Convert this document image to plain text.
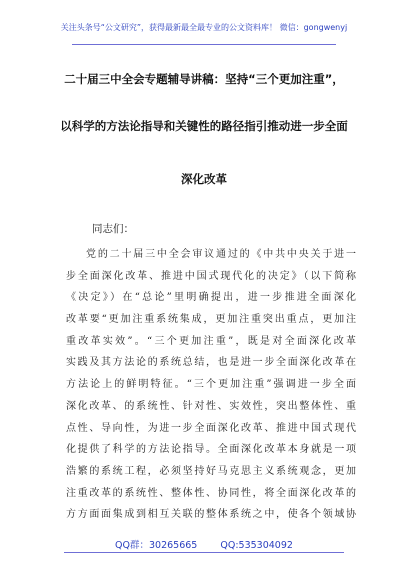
关注头条号“公文研究”，获得最新最全最专业的公文资料库！ 微信：gongwenyj
二十届三中全会专题辅导讲稿：坚持“三个更加注重”，
以科学的方法论指导和关键性的路径指引推动进一步全面
深化改革
同志们：
党的二十届三中全会审议通过的《中共中央关于进一
步全面深化改革、推进中国式现代化的决定》（以下简称
《决定》）在“总论”里明确提出，进一步推进全面深化
改革要“更加注重系统集成，更加注重突出重点，更加注
重改革实效”。“三个更加注重”，既是对全面深化改革
实践及其方法论的系统总结，也是进一步全面深化改革在
方法论上的鲜明特征。“三个更加注重”强调进一步全面
深化改革、的系统性、针对性、实效性，突出整体性、重
点性、导向性，为进一步全面深化改革、推进中国式现代
化提供了科学的方法论指导。全面深化改革本身就是一项
浩繁的系统工程，必须坚持好马克思主义系统观念，更加
注重改革的系统性、整体性、协同性，将全面深化改革的
方方面面集成到相互关联的整体系统之中，使各个领域协
QQ群：30265665 QQ:535304092
